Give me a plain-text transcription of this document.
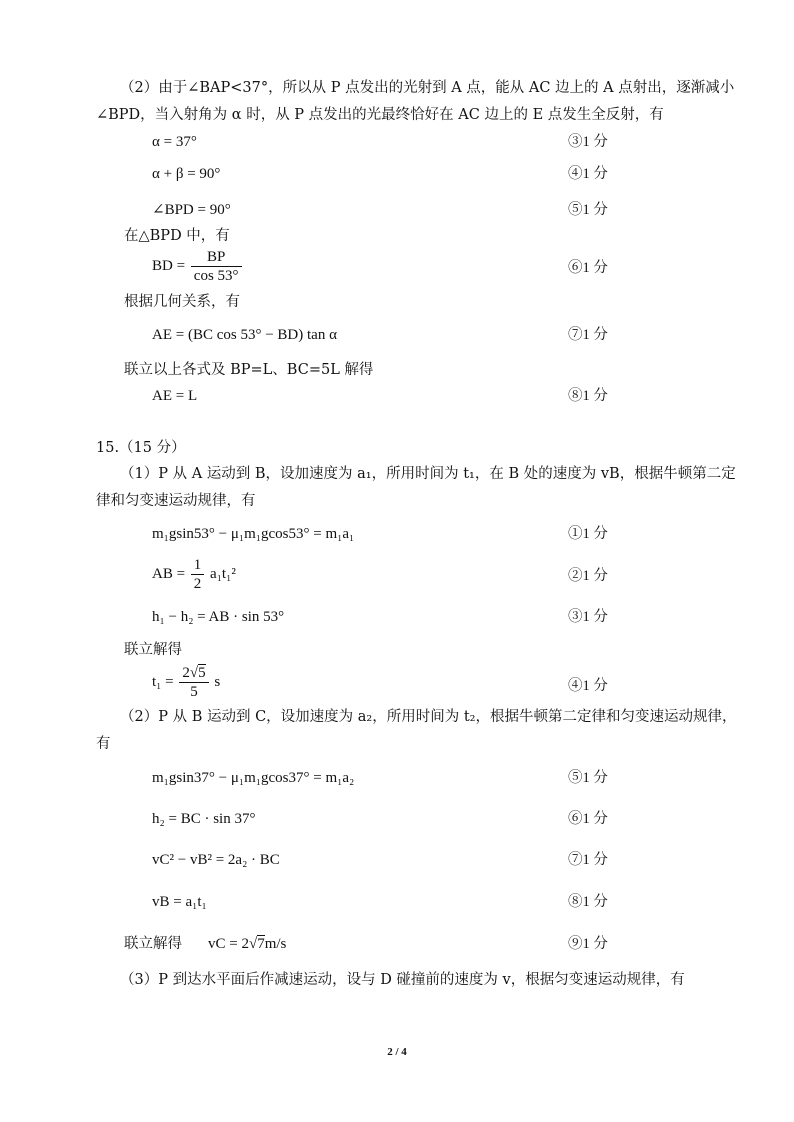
（2）由于∠BAP<37°，所以从 P 点发出的光射到 A 点，能从 AC 边上的 A 点射出，逐渐减小
∠BPD，当入射角为 α 时，从 P 点发出的光最终恰好在 AC 边上的 E 点发生全反射，有
α = 37°	③1 分
α + β = 90°	④1 分
∠BPD = 90°	⑤1 分
在△BPD 中，有
BD = $\frac{BP}{\cos 53^\circ}$	⑥1 分
根据几何关系，有
AE = (BC cos 53° − BD) tan α	⑦1 分
联立以上各式及 BP=L、BC=5L 解得
AE = L	⑧1 分
15.（15 分）
（1）P 从 A 运动到 B，设加速度为 a₁，所用时间为 t₁，在 B 处的速度为 vB，根据牛顿第二定
律和匀变速运动规律，有
m₁gsin53° − μ₁m₁gcos53° = m₁a₁	①1 分
AB = $\frac{1}{2} a_1t_1^2$	②1 分
h₁ − h₂ = AB · sin 53°	③1 分
联立解得
$t_1 = \frac{2√5}{5}$ s	④1 分
（2）P 从 B 运动到 C，设加速度为 a₂，所用时间为 t₂，根据牛顿第二定律和匀变速运动规律，
有
m₁gsin37° − μ₁m₁gcos37° = m₁a₂	⑤1 分
h₂ = BC · sin 37°	⑥1 分
vC² − vB² = 2a₂ · BC	⑦1 分
vB = a₁t₁	⑧1 分
联立解得 vC = 2√7m/s	⑨1 分
（3）P 到达水平面后作减速运动，设与 D 碰撞前的速度为 v，根据匀变速运动规律，有
2 / 4
